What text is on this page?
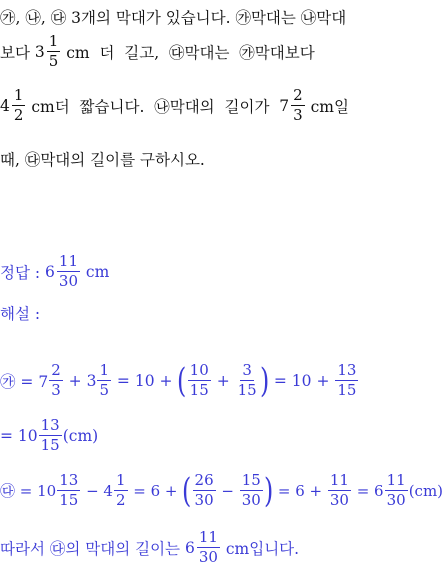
㉮, ㉯, ㉰ 3개의 막대가 있습니다. ㉮막대는 ㉯막대
보다 $3 \frac{1}{5}$ cm  더  길고,  ㉰막대는  ㉮막대보다
$4 \frac{1}{2}$ cm더  짧습니다.  ㉯막대의  길이가 $7 \frac{2}{3}$ cm일
때, ㉰막대의 길이를 구하시오.
정답 : $6 \frac{11}{30}$ cm
해설 :
㉮ = $7 \frac{2}{3} + 3 \frac{1}{5} = 10$ + ( $\frac{10}{15} + \frac{3}{15}$ ) = $10 + \frac{13}{15}$
= $10 \frac{13}{15} (cm)$
㉰ = $10 \frac{13}{15} - 4 \frac{1}{2} = 6$ + ( $\frac{26}{30} - \frac{15}{30}$ ) = $6 + \frac{11}{30} = 6 \frac{11}{30} (cm)$
따라서 ㉰의 막대의 길이는 $6 \frac{11}{30}$ cm입니다.
